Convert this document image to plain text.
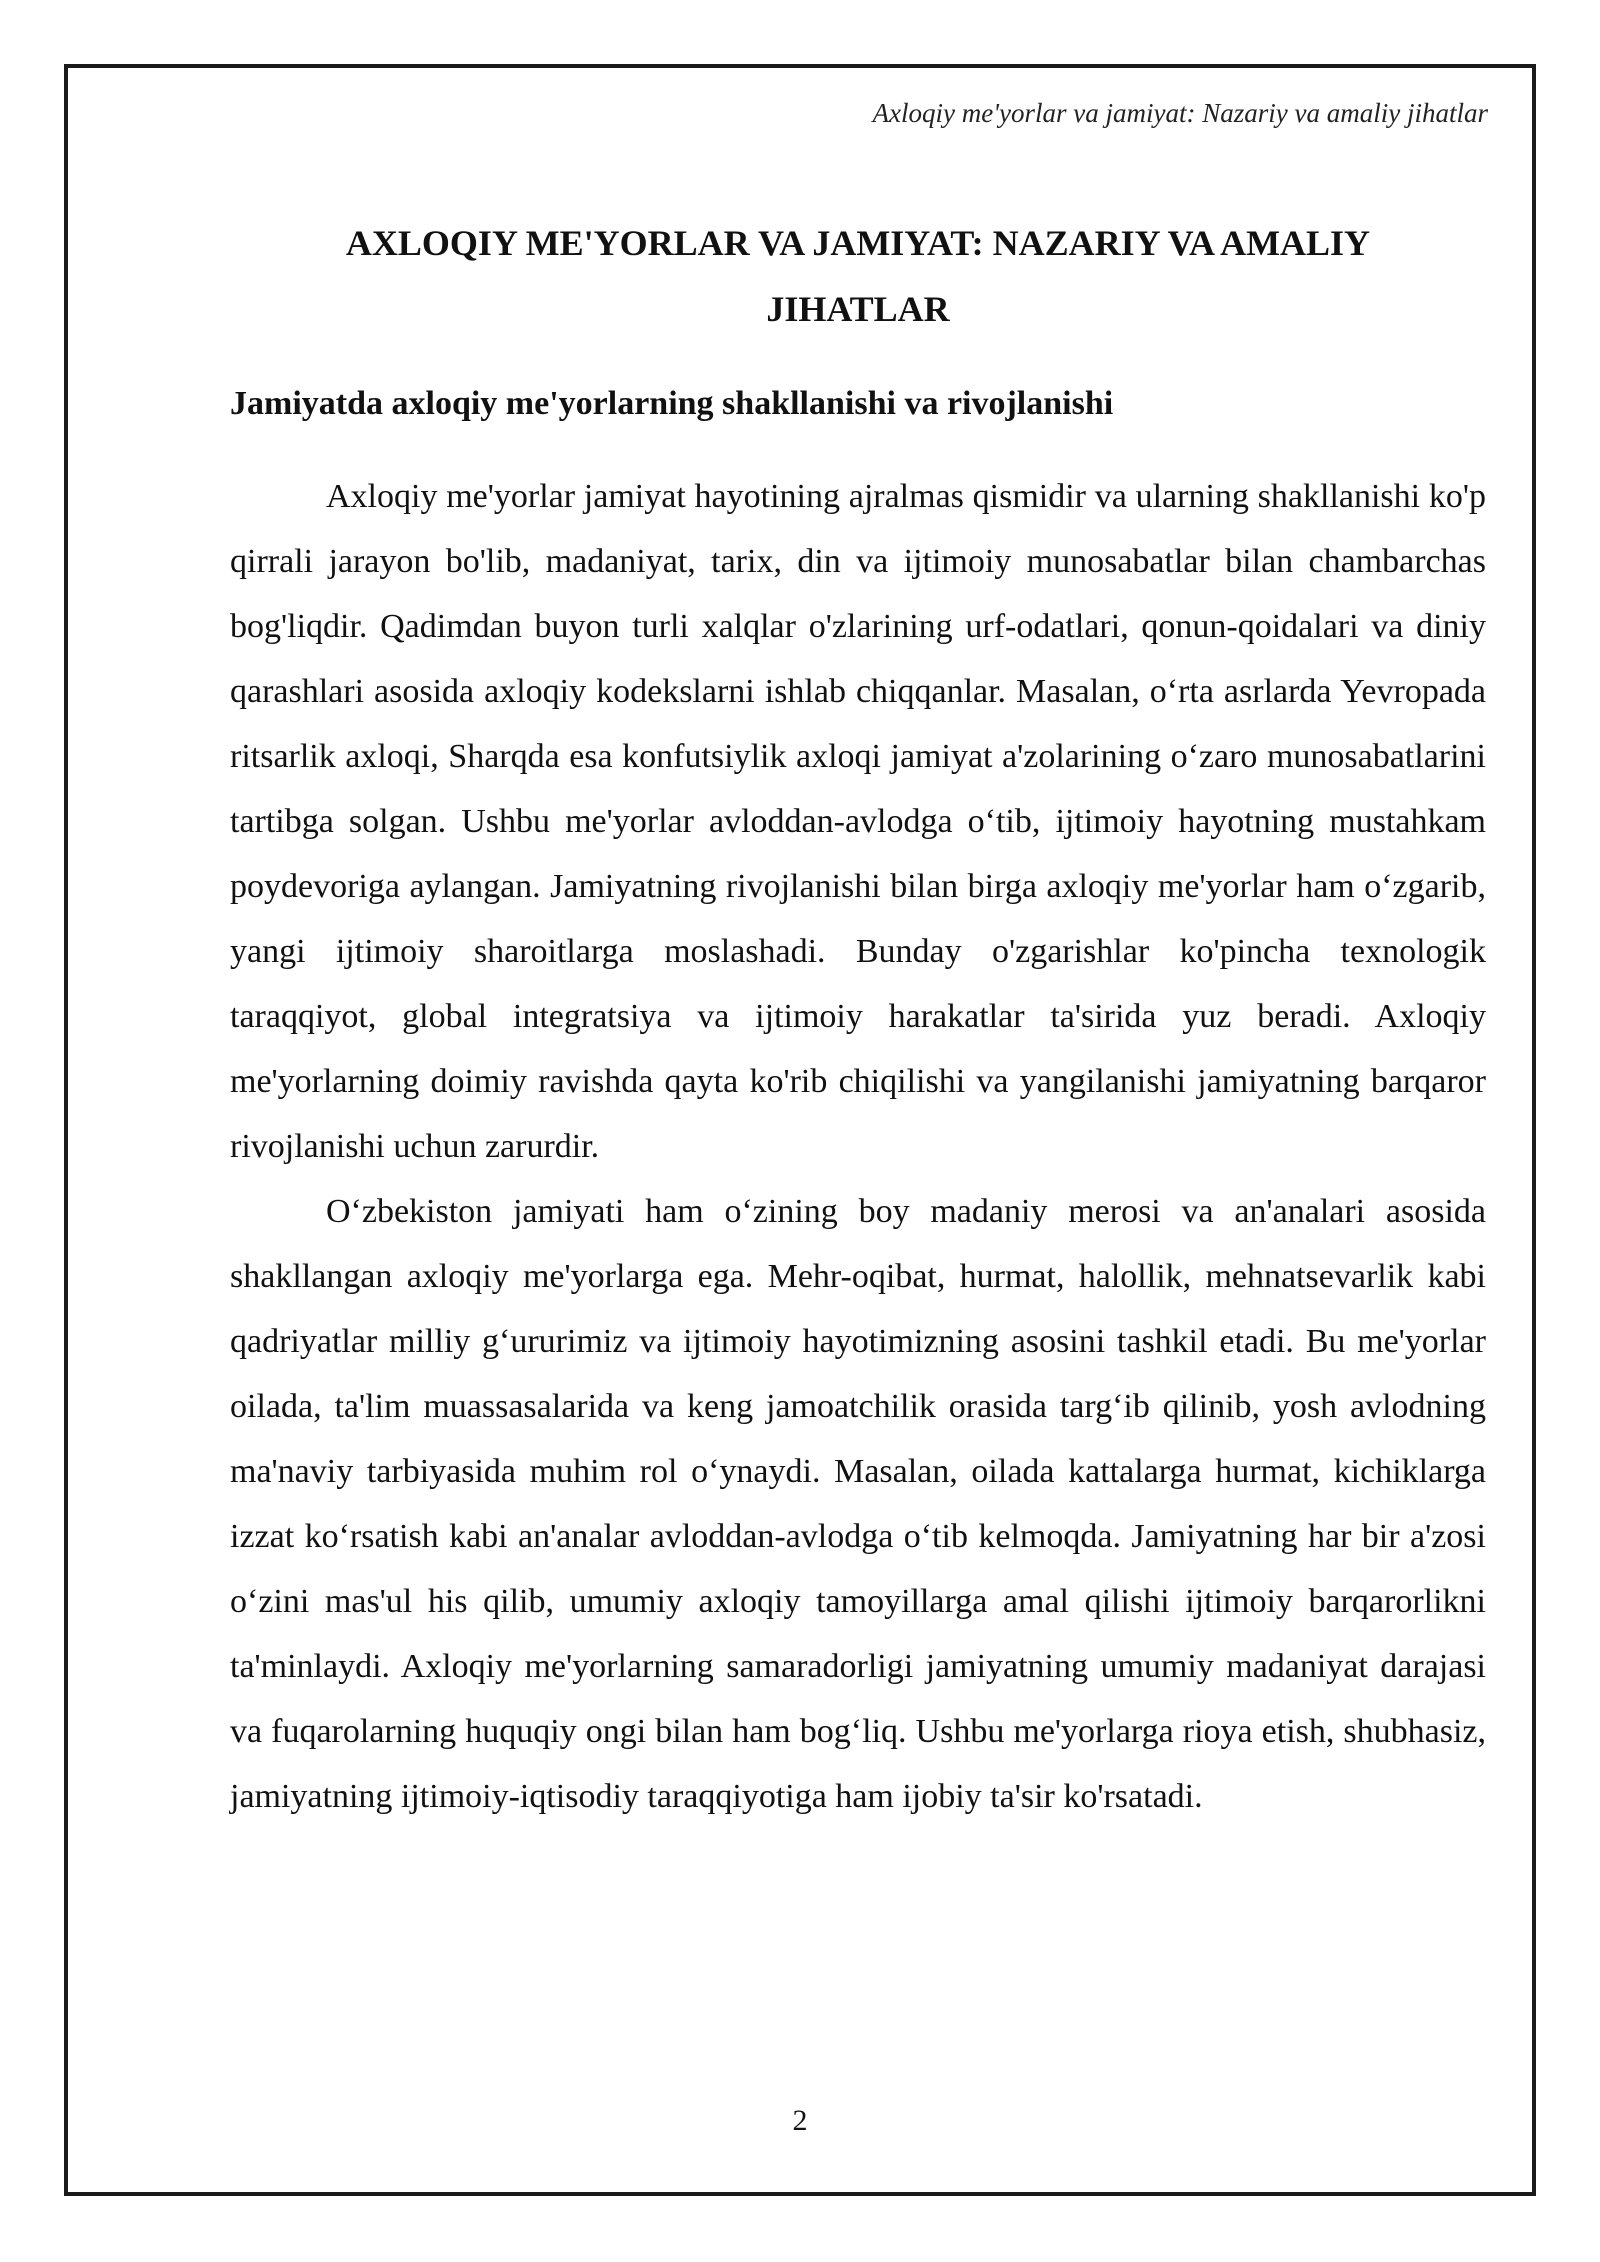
Axloqiy me'yorlar va jamiyat: Nazariy va amaliy jihatlar
AXLOQIY ME'YORLAR VA JAMIYAT: NAZARIY VA AMALIY
JIHATLAR
Jamiyatda axloqiy me'yorlarning shakllanishi va rivojlanishi

Axloqiy me'yorlar jamiyat hayotining ajralmas qismidir va ularning shakllanishi ko'p qirrali jarayon bo'lib, madaniyat, tarix, din va ijtimoiy munosabatlar bilan chambarchas bog'liqdir. Qadimdan buyon turli xalqlar o'zlarining urf-odatlari, qonun-qoidalari va diniy qarashlari asosida axloqiy kodekslarni ishlab chiqqanlar. Masalan, o‘rta asrlarda Yevropada ritsarlik axloqi, Sharqda esa konfutsiylik axloqi jamiyat a'zolarining o‘zaro munosabatlarini tartibga solgan. Ushbu me'yorlar avloddan-avlodga o‘tib, ijtimoiy hayotning mustahkam poydevoriga aylangan. Jamiyatning rivojlanishi bilan birga axloqiy me'yorlar ham o‘zgarib, yangi ijtimoiy sharoitlarga moslashadi. Bunday o'zgarishlar ko'pincha texnologik taraqqiyot, global integratsiya va ijtimoiy harakatlar ta'sirida yuz beradi. Axloqiy me'yorlarning doimiy ravishda qayta ko'rib chiqilishi va yangilanishi jamiyatning barqaror rivojlanishi uchun zarurdir.

O‘zbekiston jamiyati ham o‘zining boy madaniy merosi va an'analari asosida shakllangan axloqiy me'yorlarga ega. Mehr-oqibat, hurmat, halollik, mehnatsevarlik kabi qadriyatlar milliy g‘ururimiz va ijtimoiy hayotimizning asosini tashkil etadi. Bu me'yorlar oilada, ta'lim muassasalarida va keng jamoatchilik orasida targ‘ib qilinib, yosh avlodning ma'naviy tarbiyasida muhim rol o‘ynaydi. Masalan, oilada kattalarga hurmat, kichiklarga izzat ko‘rsatish kabi an'analar avloddan-avlodga o‘tib kelmoqda. Jamiyatning har bir a'zosi o‘zini mas'ul his qilib, umumiy axloqiy tamoyillarga amal qilishi ijtimoiy barqarorlikni ta'minlaydi. Axloqiy me'yorlarning samaradorligi jamiyatning umumiy madaniyat darajasi va fuqarolarning huquqiy ongi bilan ham bog‘liq. Ushbu me'yorlarga rioya etish, shubhasiz, jamiyatning ijtimoiy-iqtisodiy taraqqiyotiga ham ijobiy ta'sir ko'rsatadi.

2
